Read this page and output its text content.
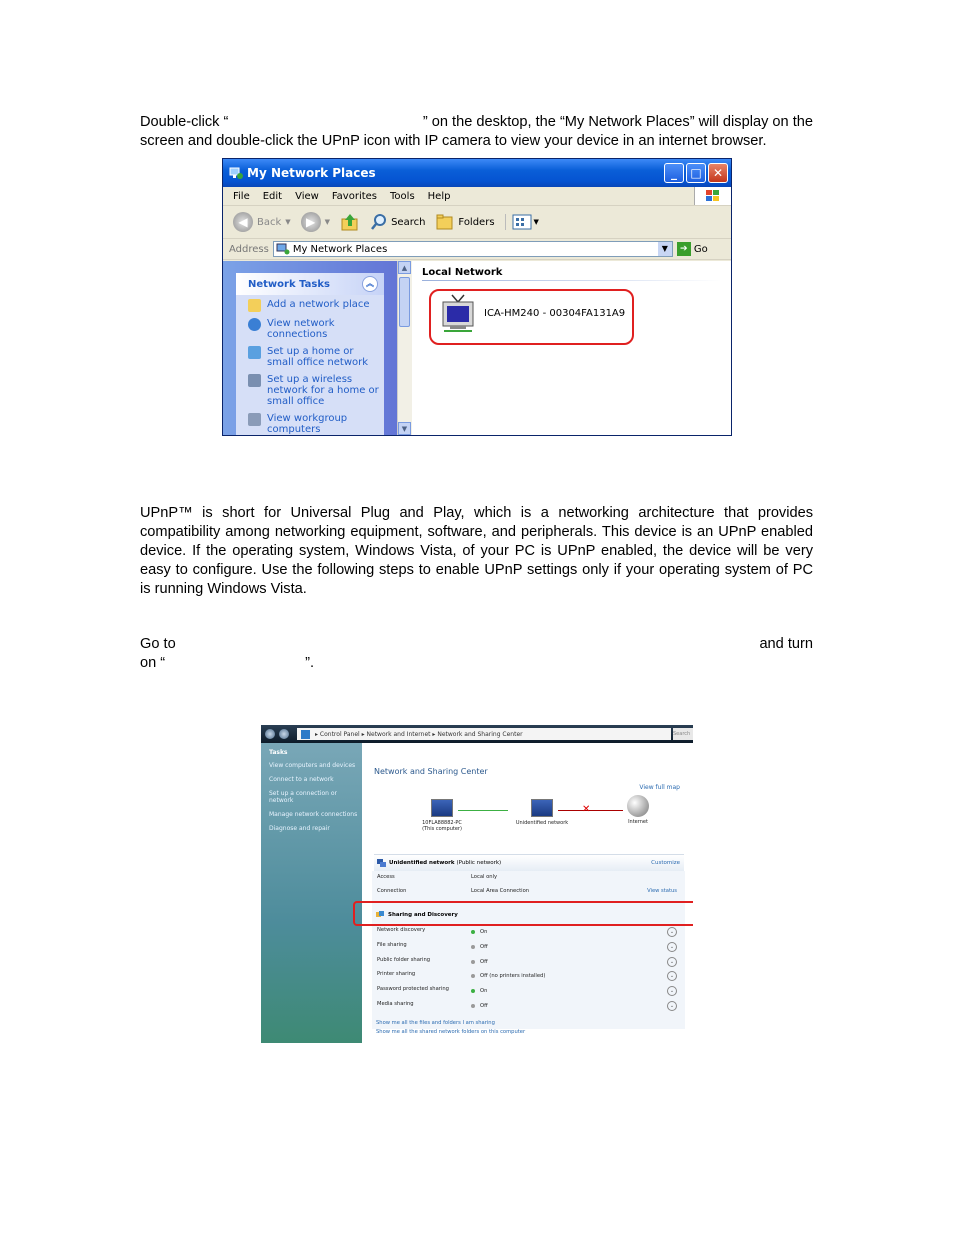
Double-click “	” on the desktop, the “My Network Places” will display on the
screen and double-click the UPnP icon with IP camera to view your device in an internet browser.
My Network Places	_	□ ✕
File Edit View Favorites Tools Help
◀ Back ▼	▶	▼	Search	Folders	▼
Address My Network Places	▼	➔ Go
Network Tasks	︽
Add a network place
View network connections
Set up a home or small office network
Set up a wireless network for a home or small office
View workgroup computers
▲
▼
Local Network
ICA-HM240 - 00304FA131A9

UPnP™ is short for Universal Plug and Play, which is a networking architecture that provides compatibility among networking equipment, software, and peripherals. This device is an UPnP enabled device. If the operating system, Windows Vista, of your PC is UPnP enabled, the device will be very easy to configure. Use the following steps to enable UPnP settings only if your operating system of PC is running Windows Vista.

Go to	and turn
on “	”.
▸ Control Panel ▸ Network and Internet ▸ Network and Sharing Center	Search
Tasks
View computers and devices
Connect to a network
Set up a connection or network
Manage network connections
Diagnose and repair
Network and Sharing Center
View full map
10FLA88882-PC
(This computer)
Unidentified network
✕
Internet
Unidentified network (Public network)	Customize
Access	Local only
Connection	Local Area Connection	View status
Sharing and Discovery
Network discovery	On	⌄
File sharing	Off	⌄
Public folder sharing	Off	⌄
Printer sharing	Off (no printers installed)	⌄
Password protected sharing	On	⌄
Media sharing	Off	⌄
Show me all the files and folders I am sharing
Show me all the shared network folders on this computer
